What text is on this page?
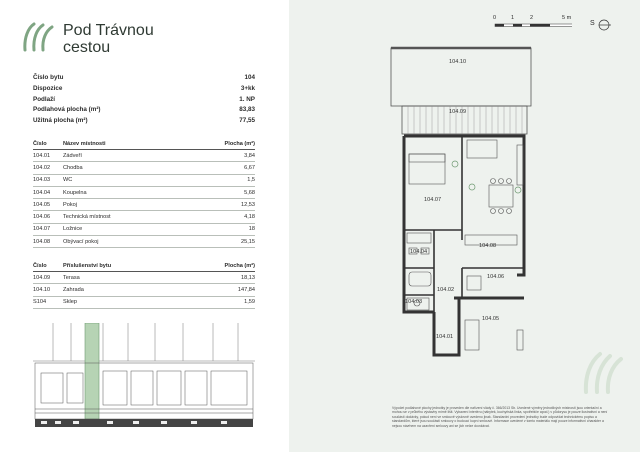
Pod Trávnou
cestou
Číslo bytu	104
Dispozice	3+kk
Podlaží	1. NP
Podlahová plocha (m²)	83,83
Užitná plocha (m²)	77,55
Číslo	Název místnosti	Plocha (m²)
104.01	Zádveří	3,84
104.02	Chodba	6,67
104.03	WC	1,5
104.04	Koupelna	5,68
104.05	Pokoj	12,53
104.06	Technická místnost	4,18
104.07	Ložnice	18
104.08	Obývací pokoj	25,15
Číslo	Příslušenství bytu	Plocha (m²)
104.09	Terasa	18,13
104.10	Zahrada	147,84
S104	Sklep	1,59
0	1	2	5 m
S
104.10
104.09
104.07
104.08
104.04
104.06
104.02
104.03
104.05
104.01
Výpočet podlahové plochy jednotky je proveden dle nařízení vlády č. 366/2013 Sb. Uvedené výměry jednotlivých místností jsou orientační a mohou se v průběhu výstavby mírně lišit. Vybavení interiéru (nábytek, kuchyňská linka, spotřebiče apod.) v půdorysu je pouze ilustrativní a není součástí dodávky, pokud není ve smlouvě výslovně uvedeno jinak. Standardní provedení jednotky bude odpovídat technickému popisu a standardům, které jsou součástí smlouvy o budoucí kupní smlouvě. Informace uvedené v tomto materiálu mají pouze informativní charakter a nejsou návrhem na uzavření smlouvy ani se jich nelze dovolávat.
